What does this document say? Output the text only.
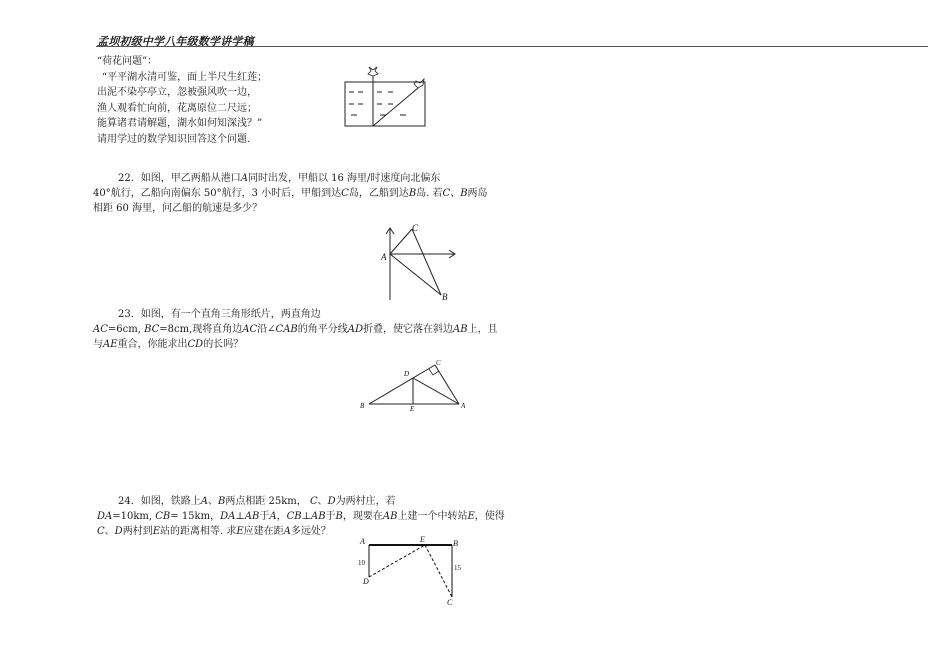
孟坝初级中学八年级数学讲学稿
“荷花问题”：
“平平湖水清可鉴，面上半尺生红莲；
出泥不染亭亭立，忽被强风吹一边，
渔人观看忙向前，花离原位二尺远；
能算诸君请解题，湖水如何知深浅？”
请用学过的数学知识回答这个问题.
22．如图，甲乙两船从港口A同时出发，甲船以 16 海里/时速度向北偏东
40°航行，乙船向南偏东 50°航行，3 小时后，甲船到达C岛，乙船到达B岛. 若C、B两岛
相距 60 海里，问乙船的航速是多少？
A
C
B
23．如图，有一个直角三角形纸片，两直角边
AC=6cm, BC=8cm,现将直角边AC沿∠CAB的角平分线AD折叠，使它落在斜边AB上，且
与AE重合，你能求出CD的长吗？
B	A
C
D
E
24．如图，铁路上A、B两点相距 25km， C、D为两村庄，若
DA=10km, CB= 15km，DA⊥AB于A，CB⊥AB于B，现要在AB上建一个中转站E，使得
C、D两村到E站的距离相等. 求E应建在距A多远处？
A	B
E
D
C
10
15
